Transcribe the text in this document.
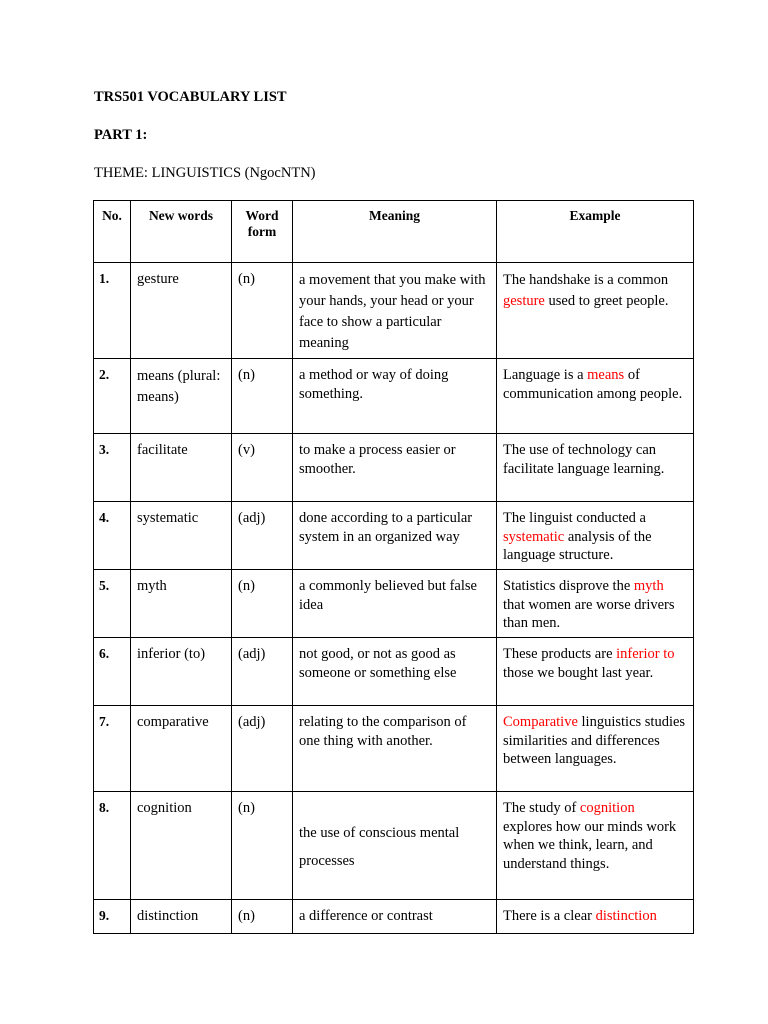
TRS501 VOCABULARY LIST
PART 1:
THEME: LINGUISTICS (NgocNTN)
No.	New words	Word form	Meaning	Example
1.	gesture	(n)	a movement that you make with your hands, your head or your face to show a particular meaning	The handshake is a common gesture used to greet people.
2.	means (plural: means)	(n)	a method or way of doing something.	Language is a means of communication among people.
3.	facilitate	(v)	to make a process easier or smoother.	The use of technology can facilitate language learning.
4.	systematic	(adj)	done according to a particular system in an organized way	The linguist conducted a systematic analysis of the language structure.
5.	myth	(n)	a commonly believed but false idea	Statistics disprove the myth that women are worse drivers than men.
6.	inferior (to)	(adj)	not good, or not as good as someone or something else	These products are inferior to those we bought last year.
7.	comparative	(adj)	relating to the comparison of one thing with another.	Comparative linguistics studies similarities and differences between languages.
8.	cognition	(n)	the use of conscious mental processes	The study of cognition explores how our minds work when we think, learn, and understand things.
9.	distinction	(n)	a difference or contrast	There is a clear distinction
